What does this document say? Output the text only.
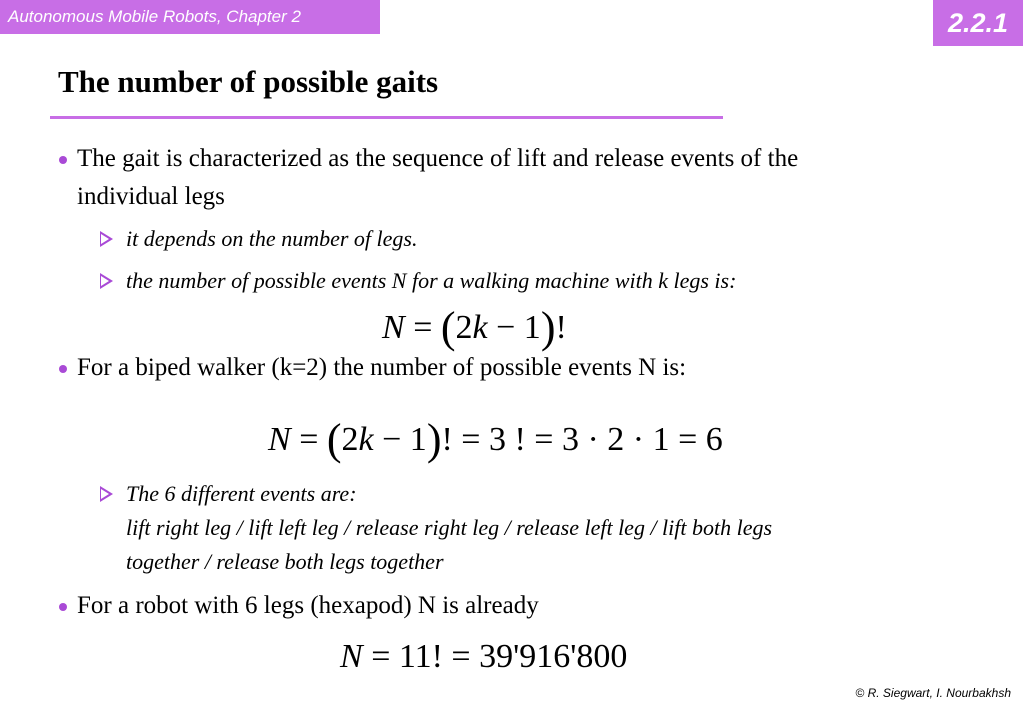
Autonomous Mobile Robots, Chapter 2	2.2.1
The number of possible gaits

The gait is characterized as the sequence of lift and release events of the

individual legs

it depends on the number of legs.

the number of possible events N for a walking machine with k legs is:

N = (2k − 1)!

For a biped walker (k=2) the number of possible events N is:

N = (2k − 1)! = 3 ! = 3 · 2 · 1 = 6

The 6 different events are:

lift right leg / lift left leg / release right leg / release left leg / lift both legs

together / release both legs together

For a robot with 6 legs (hexapod) N is already

N = 11! = 39'916'800
© R. Siegwart, I. Nourbakhsh
